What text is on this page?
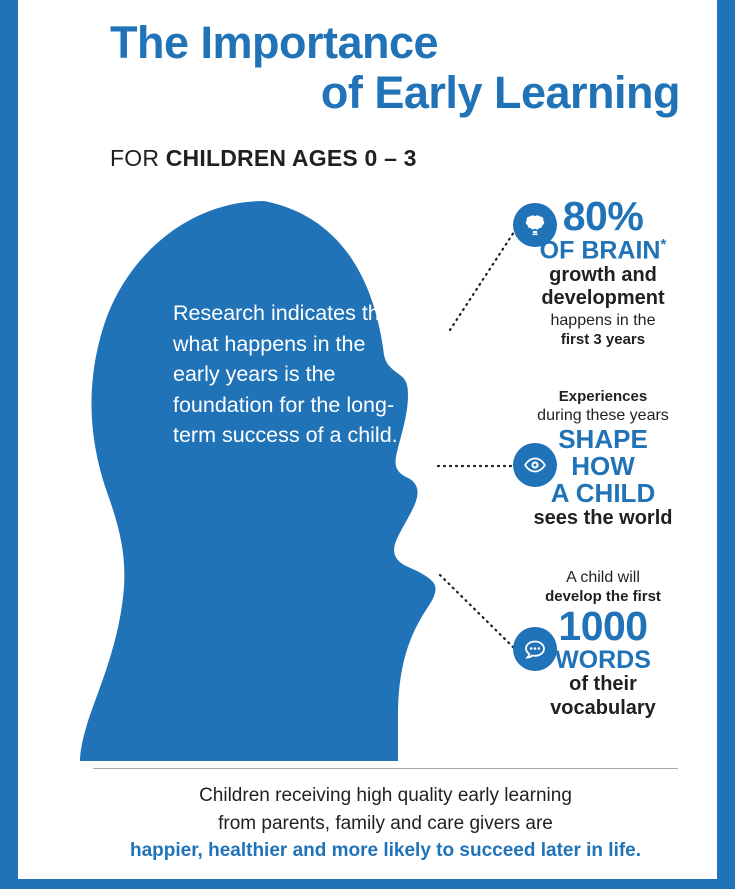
The Importance
of Early Learning
FOR CHILDREN AGES 0 – 3
Research indicates that what happens in the early years is the foundation for the long-term success of a child.
80%
OF BRAIN*
growth and development
happens in the
first 3 years
Experiences
during these years
SHAPE
HOW
A CHILD
sees the world
A child will
develop the first
1000
WORDS
of their
vocabulary
Children receiving high quality early learning
from parents, family and care givers are
happier, healthier and more likely to succeed later in life.
